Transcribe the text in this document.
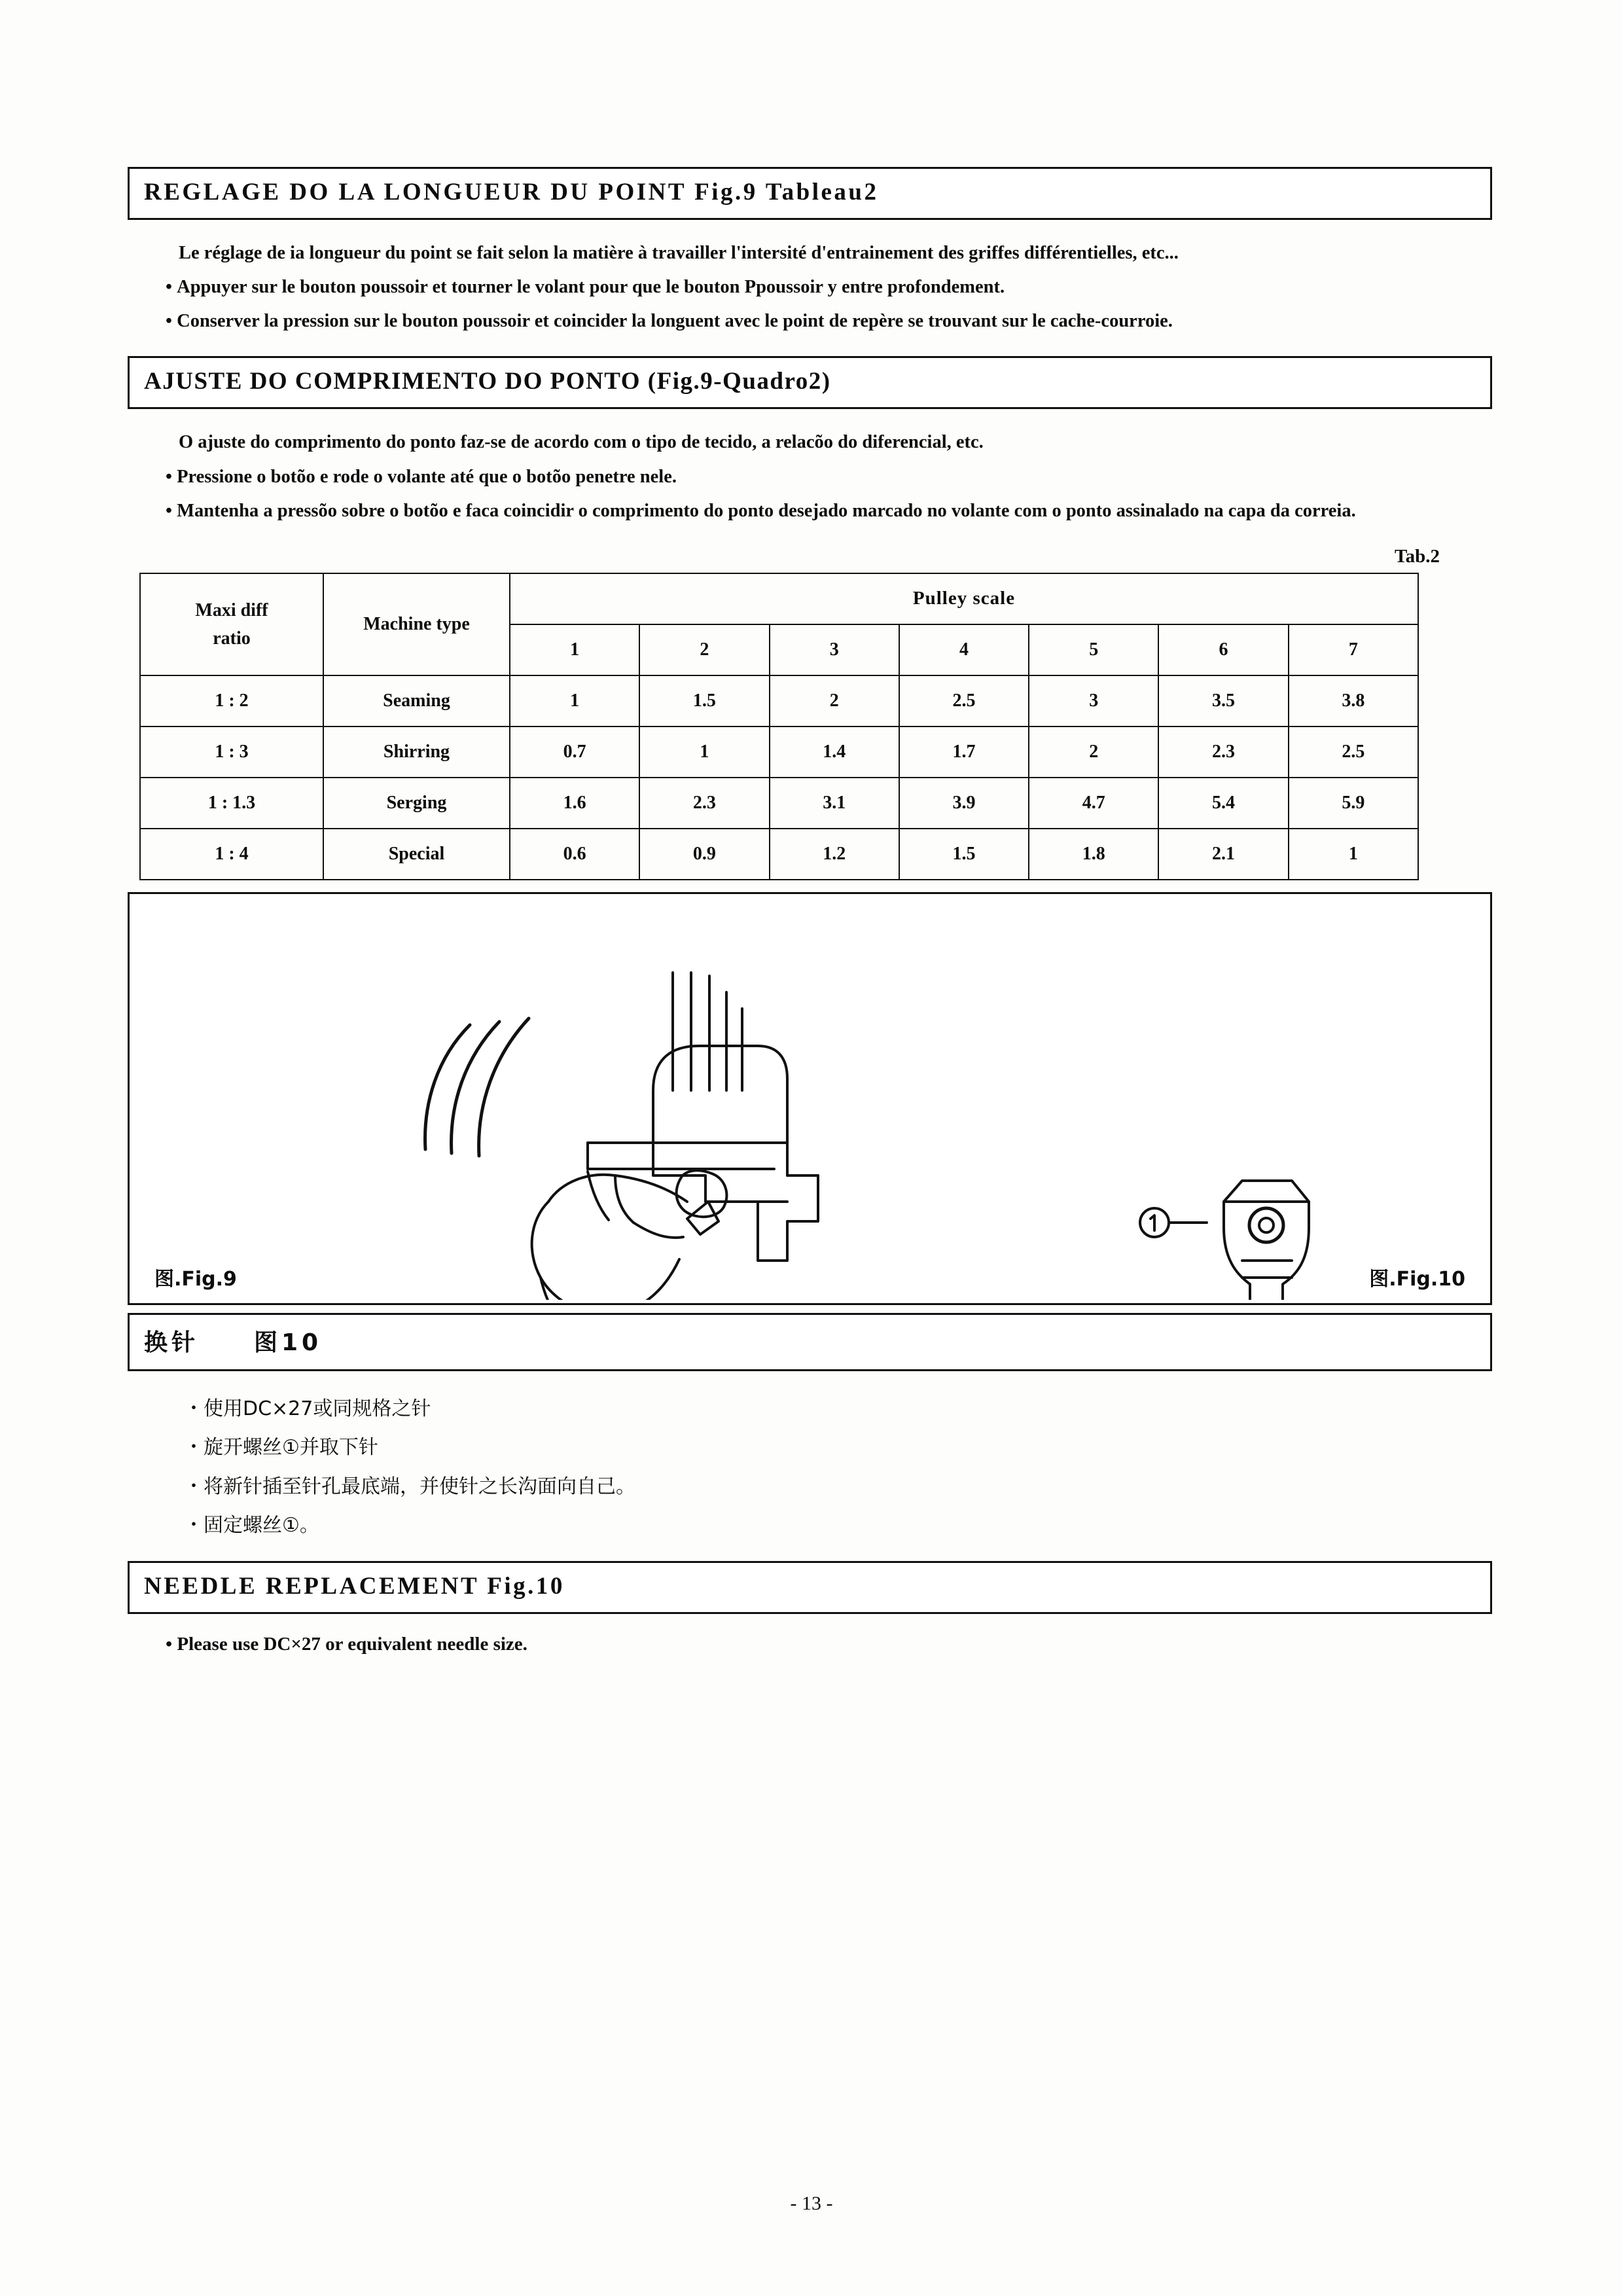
REGLAGE DO LA LONGUEUR DU POINT Fig.9 Tableau2

Le réglage de ia longueur du point se fait selon la matière à travailler l'intersité d'entrainement des griffes différentielles, etc...

• Appuyer sur le bouton poussoir et tourner le volant pour que le bouton Ppoussoir y entre profondement.

• Conserver la pression sur le bouton poussoir et coincider la longuent avec le point de repère se trouvant sur le cache-courroie.

AJUSTE DO COMPRIMENTO DO PONTO (Fig.9-Quadro2)

O ajuste do comprimento do ponto faz-se de acordo com o tipo de tecido, a relacõo do diferencial, etc.

• Pressione o botõo e rode o volante até que o botõo penetre nele.

• Mantenha a pressõo sobre o botõo e faca coincidir o comprimento do ponto desejado marcado no volante com o ponto assinalado na capa da correia.

Tab.2
Maxi diff
ratio	Machine type	Pulley scale						
		1	2	3	4	5	6	7
1 : 2	Seaming	1	1.5	2	2.5	3	3.5	3.8
1 : 3	Shirring	0.7	1	1.4	1.7	2	2.3	2.5
1 : 1.3	Serging	1.6	2.3	3.1	3.9	4.7	5.4	5.9
1 : 4	Special	0.6	0.9	1.2	1.5	1.8	2.1	1
图.Fig.9	图.Fig.10
换针　　图10

・使用DC×27或同规格之针

・旋开螺丝①并取下针

・将新针插至针孔最底端，并使针之长沟面向自己。

・固定螺丝①。

NEEDLE REPLACEMENT Fig.10

• Please use DC×27 or equivalent needle size.

- 13 -
